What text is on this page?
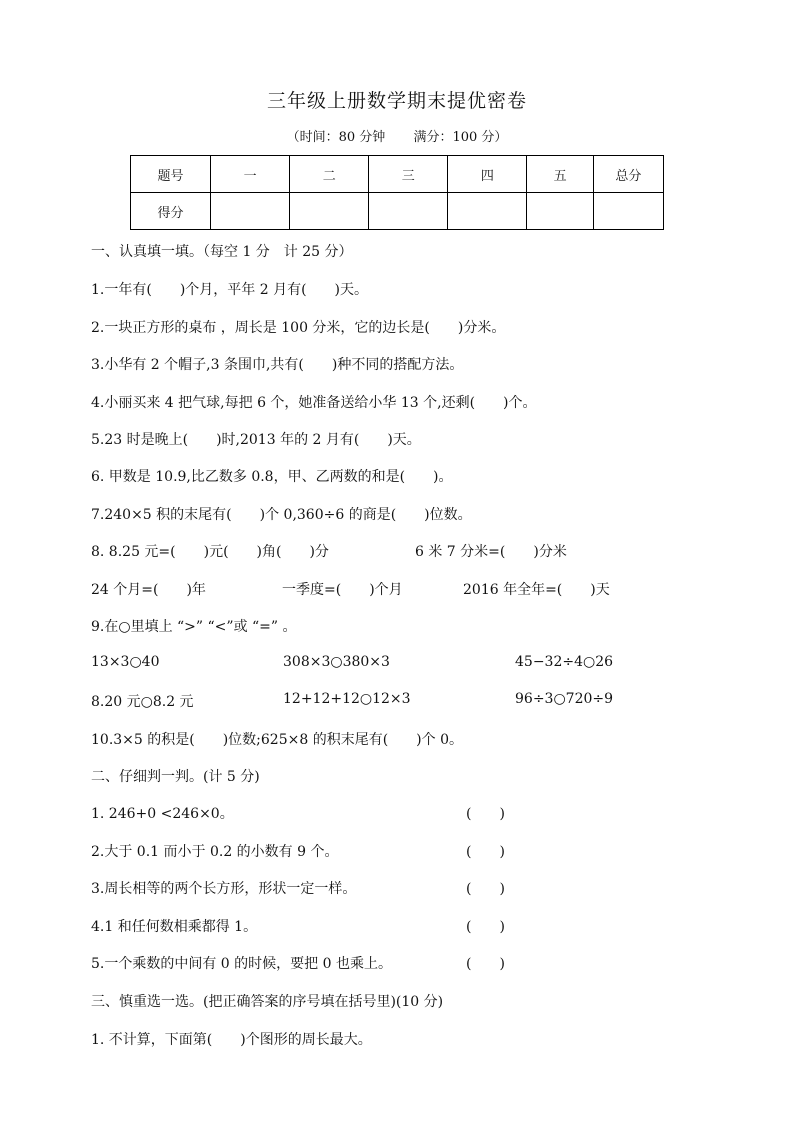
三年级上册数学期末提优密卷
（时间：80 分钟 满分：100 分）
题号	一	二	三	四	五	总分
得分						
一、认真填一填。（每空 1 分　计 25 分）
1.一年有(　　)个月，平年 2 月有(　　)天。
2.一块正方形的桌布 ，周长是 100 分米，它的边长是(　　)分米。
3.小华有 2 个帽子,3 条围巾,共有(　　)种不同的搭配方法。
4.小丽买来 4 把气球,每把 6 个，她准备送给小华 13 个,还剩(　　)个。
5.23 时是晚上(　　)时,2013 年的 2 月有(　　)天。
6. 甲数是 10.9,比乙数多 0.8，甲、乙两数的和是(　　)。
7.240×5 积的末尾有(　　)个 0,360÷6 的商是(　　)位数。
8. 8.25 元=(　　)元(　　)角(　　)分	6 米 7 分米=(　　)分米
24 个月=(　　)年	一季度=(　　)个月	2016 年全年=(　　)天
9.在○里填上 “>” “<”或 “=” 。
13×3○40	308×3○380×3	45−32÷4○26
8.20 元○8.2 元	12+12+12○12×3	96÷3○720÷9
10.3×5 的积是(　　)位数;625×8 的积末尾有(　　)个 0。
二、仔细判一判。(计 5 分)
1. 246+0 <246×0。	(　　)
2.大于 0.1 而小于 0.2 的小数有 9 个。	(　　)
3.周长相等的两个长方形，形状一定一样。	(　　)
4.1 和任何数相乘都得 1。	(　　)
5.一个乘数的中间有 0 的时候，要把 0 也乘上。	(　　)
三、慎重选一选。(把正确答案的序号填在括号里)(10 分)
1. 不计算，下面第(　　)个图形的周长最大。
